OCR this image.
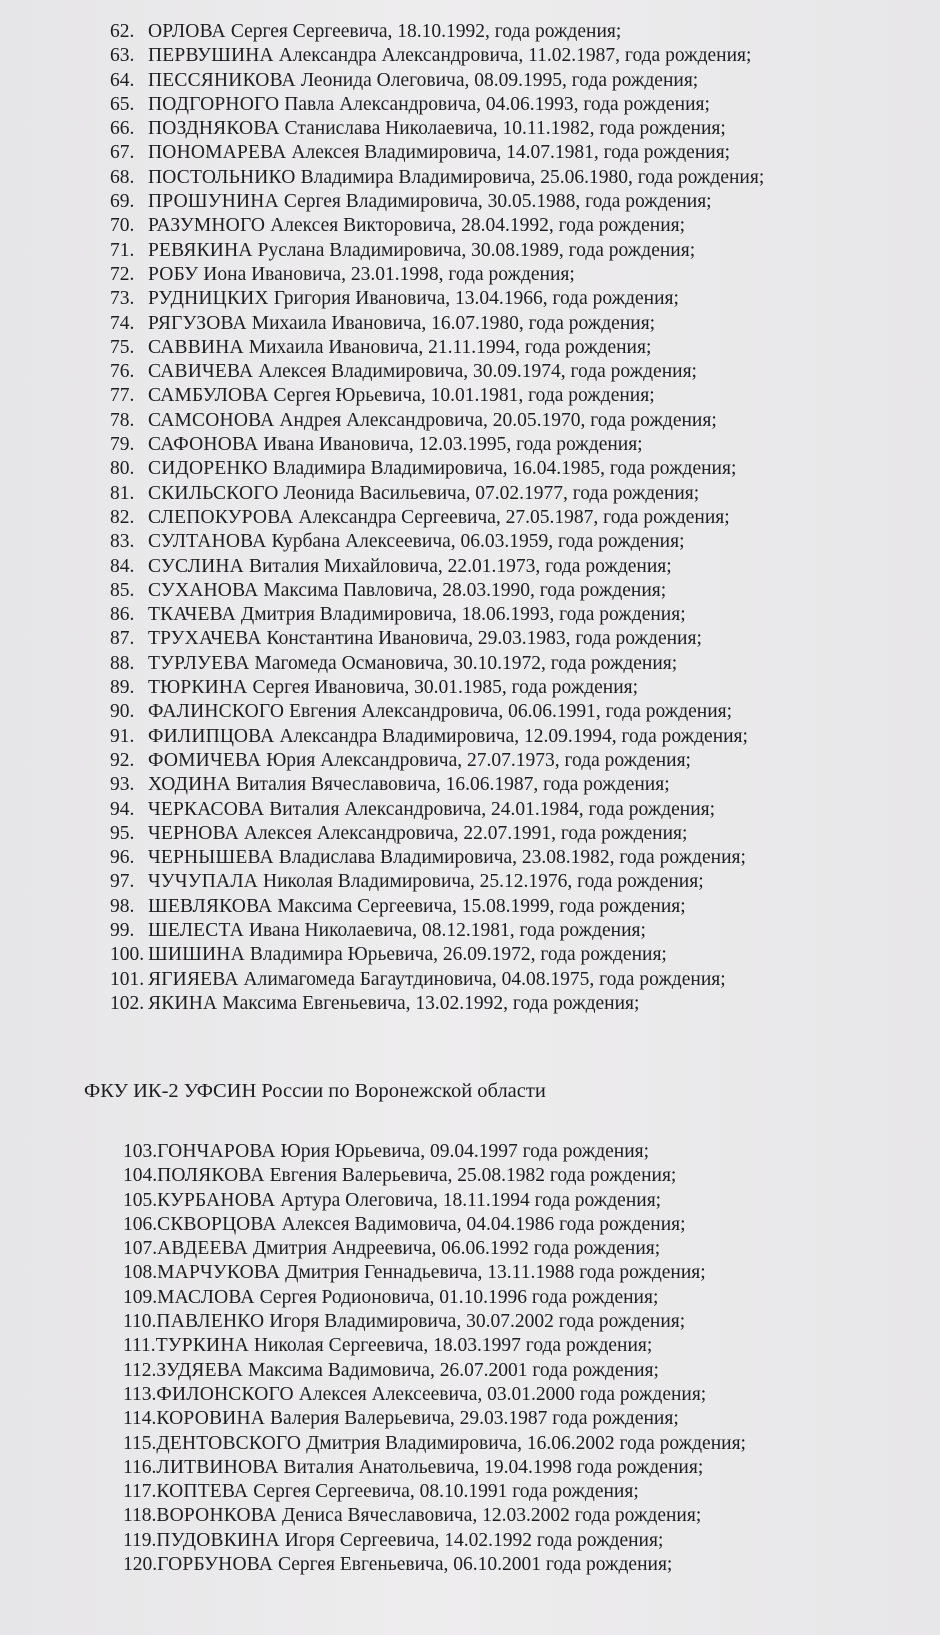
62. ОРЛОВА Сергея Сергеевича, 18.10.1992, года рождения;
63. ПЕРВУШИНА Александра Александровича, 11.02.1987, года рождения;
64. ПЕССЯНИКОВА Леонида Олеговича, 08.09.1995, года рождения;
65. ПОДГОРНОГО Павла Александровича, 04.06.1993, года рождения;
66. ПОЗДНЯКОВА Станислава Николаевича, 10.11.1982, года рождения;
67. ПОНОМАРЕВА Алексея Владимировича, 14.07.1981, года рождения;
68. ПОСТОЛЬНИКО Владимира Владимировича, 25.06.1980, года рождения;
69. ПРОШУНИНА Сергея Владимировича, 30.05.1988, года рождения;
70. РАЗУМНОГО Алексея Викторовича, 28.04.1992, года рождения;
71. РЕВЯКИНА Руслана Владимировича, 30.08.1989, года рождения;
72. РОБУ Иона Ивановича, 23.01.1998, года рождения;
73. РУДНИЦКИХ Григория Ивановича, 13.04.1966, года рождения;
74. РЯГУЗОВА Михаила Ивановича, 16.07.1980, года рождения;
75. САВВИНА Михаила Ивановича, 21.11.1994, года рождения;
76. САВИЧЕВА Алексея Владимировича, 30.09.1974, года рождения;
77. САМБУЛОВА Сергея Юрьевича, 10.01.1981, года рождения;
78. САМСОНОВА Андрея Александровича, 20.05.1970, года рождения;
79. САФОНОВА Ивана Ивановича, 12.03.1995, года рождения;
80. СИДОРЕНКО Владимира Владимировича, 16.04.1985, года рождения;
81. СКИЛЬСКОГО Леонида Васильевича, 07.02.1977, года рождения;
82. СЛЕПОКУРОВА Александра Сергеевича, 27.05.1987, года рождения;
83. СУЛТАНОВА Курбана Алексеевича, 06.03.1959, года рождения;
84. СУСЛИНА Виталия Михайловича, 22.01.1973, года рождения;
85. СУХАНОВА Максима Павловича, 28.03.1990, года рождения;
86. ТКАЧЕВА Дмитрия Владимировича, 18.06.1993, года рождения;
87. ТРУХАЧЕВА Константина Ивановича, 29.03.1983, года рождения;
88. ТУРЛУЕВА Магомеда Османовича, 30.10.1972, года рождения;
89. ТЮРКИНА Сергея Ивановича, 30.01.1985, года рождения;
90. ФАЛИНСКОГО Евгения Александровича, 06.06.1991, года рождения;
91. ФИЛИПЦОВА Александра Владимировича, 12.09.1994, года рождения;
92. ФОМИЧЕВА Юрия Александровича, 27.07.1973, года рождения;
93. ХОДИНА Виталия Вячеславовича, 16.06.1987, года рождения;
94. ЧЕРКАСОВА Виталия Александровича, 24.01.1984, года рождения;
95. ЧЕРНОВА Алексея Александровича, 22.07.1991, года рождения;
96. ЧЕРНЫШЕВА Владислава Владимировича, 23.08.1982, года рождения;
97. ЧУЧУПАЛА Николая Владимировича, 25.12.1976, года рождения;
98. ШЕВЛЯКОВА Максима Сергеевича, 15.08.1999, года рождения;
99. ШЕЛЕСТА Ивана Николаевича, 08.12.1981, года рождения;
100. ШИШИНА Владимира Юрьевича, 26.09.1972, года рождения;
101. ЯГИЯЕВА Алимагомеда Багаутдиновича, 04.08.1975, года рождения;
102. ЯКИНА Максима Евгеньевича, 13.02.1992, года рождения;
ФКУ ИК-2 УФСИН России по Воронежской области
103. ГОНЧАРОВА Юрия Юрьевича, 09.04.1997 года рождения;
104. ПОЛЯКОВА Евгения Валерьевича, 25.08.1982 года рождения;
105. КУРБАНОВА Артура Олеговича, 18.11.1994 года рождения;
106. СКВОРЦОВА Алексея Вадимовича, 04.04.1986 года рождения;
107. АВДЕЕВА Дмитрия Андреевича, 06.06.1992 года рождения;
108. МАРЧУКОВА Дмитрия Геннадьевича, 13.11.1988 года рождения;
109. МАСЛОВА Сергея Родионовича, 01.10.1996 года рождения;
110. ПАВЛЕНКО Игоря Владимировича, 30.07.2002 года рождения;
111. ТУРКИНА Николая Сергеевича, 18.03.1997 года рождения;
112. ЗУДЯЕВА Максима Вадимовича, 26.07.2001 года рождения;
113. ФИЛОНСКОГО Алексея Алексеевича, 03.01.2000 года рождения;
114. КОРОВИНА Валерия Валерьевича, 29.03.1987 года рождения;
115. ДЕНТОВСКОГО Дмитрия Владимировича, 16.06.2002 года рождения;
116. ЛИТВИНОВА Виталия Анатольевича, 19.04.1998 года рождения;
117. КОПТЕВА Сергея Сергеевича, 08.10.1991 года рождения;
118. ВОРОНКОВА Дениса Вячеславовича, 12.03.2002 года рождения;
119. ПУДОВКИНА Игоря Сергеевича, 14.02.1992 года рождения;
120. ГОРБУНОВА Сергея Евгеньевича, 06.10.2001 года рождения;
